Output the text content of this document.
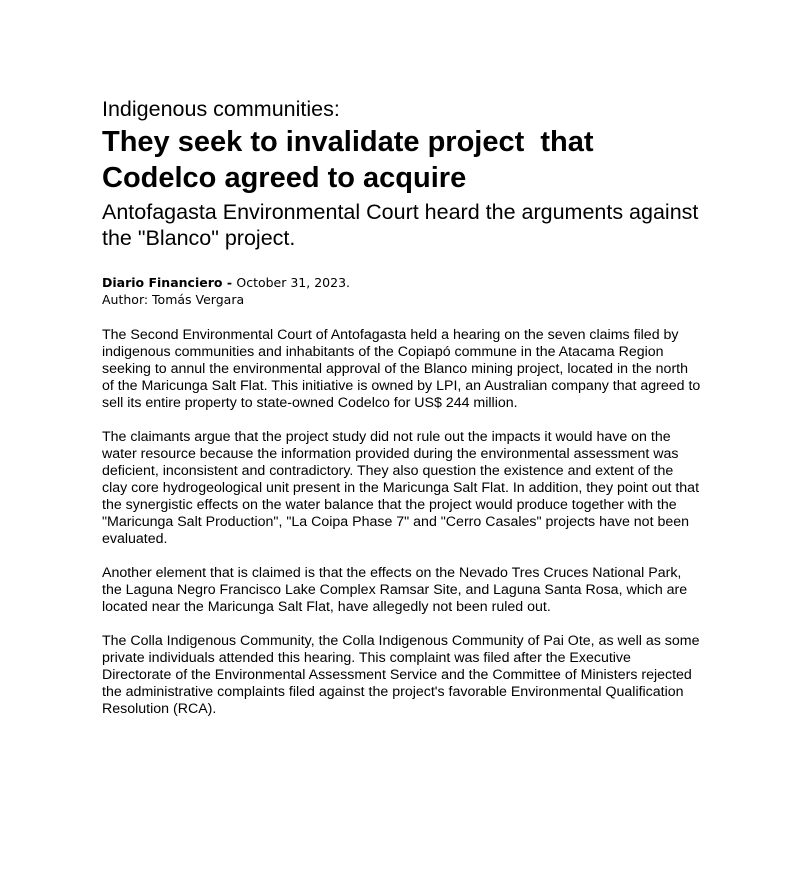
Indigenous communities:

They seek to invalidate project  that Codelco agreed to acquire

Antofagasta Environmental Court heard the arguments against the "Blanco" project.

Diario Financiero - October 31, 2023.
Author: Tomás Vergara

The Second Environmental Court of Antofagasta held a hearing on the seven claims filed by indigenous communities and inhabitants of the Copiapó commune in the Atacama Region seeking to annul the environmental approval of the Blanco mining project, located in the north of the Maricunga Salt Flat. This initiative is owned by LPI, an Australian company that agreed to sell its entire property to state-owned Codelco for US$ 244 million.

The claimants argue that the project study did not rule out the impacts it would have on the water resource because the information provided during the environmental assessment was deficient, inconsistent and contradictory. They also question the existence and extent of the clay core hydrogeological unit present in the Maricunga Salt Flat. In addition, they point out that the synergistic effects on the water balance that the project would produce together with the "Maricunga Salt Production", "La Coipa Phase 7" and "Cerro Casales" projects have not been evaluated.

Another element that is claimed is that the effects on the Nevado Tres Cruces National Park, the Laguna Negro Francisco Lake Complex Ramsar Site, and Laguna Santa Rosa, which are located near the Maricunga Salt Flat, have allegedly not been ruled out.

The Colla Indigenous Community, the Colla Indigenous Community of Pai Ote, as well as some private individuals attended this hearing. This complaint was filed after the Executive Directorate of the Environmental Assessment Service and the Committee of Ministers rejected the administrative complaints filed against the project's favorable Environmental Qualification Resolution (RCA).
